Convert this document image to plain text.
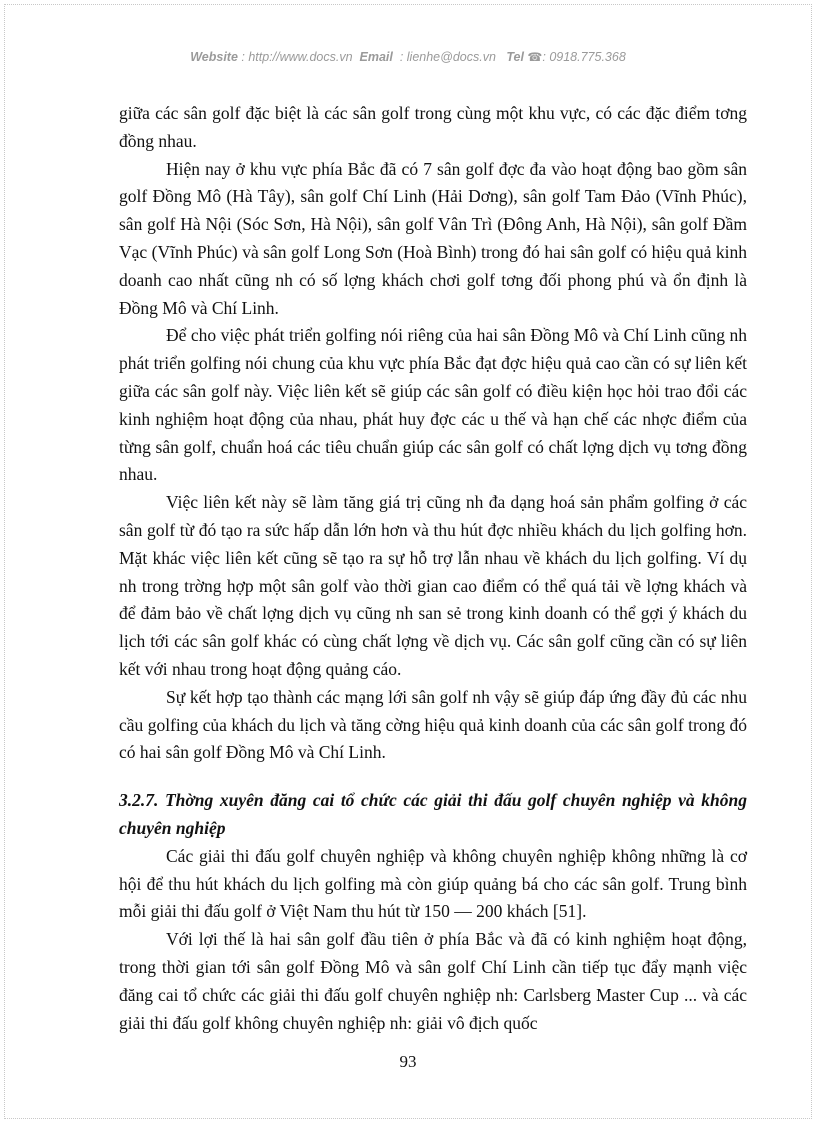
Website : http://www.docs.vn Email : lienhe@docs.vn Tel ☎: 0918.775.368

giữa các sân golf đặc biệt là các sân golf trong cùng một khu vực, có các đặc điểm tơng đồng nhau.

Hiện nay ở khu vực phía Bắc đã có 7 sân golf đợc đa vào hoạt động bao gồm sân golf Đồng Mô (Hà Tây), sân golf Chí Linh (Hải Dơng), sân golf Tam Đảo (Vĩnh Phúc), sân golf Hà Nội (Sóc Sơn, Hà Nội), sân golf Vân Trì (Đông Anh, Hà Nội), sân golf Đầm Vạc (Vĩnh Phúc) và sân golf Long Sơn (Hoà Bình) trong đó hai sân golf có hiệu quả kinh doanh cao nhất cũng nh có số lợng khách chơi golf tơng đối phong phú và ổn định là Đồng Mô và Chí Linh.

Để cho việc phát triển golfing nói riêng của hai sân Đồng Mô và Chí Linh cũng nh phát triển golfing nói chung của khu vực phía Bắc đạt đợc hiệu quả cao cần có sự liên kết giữa các sân golf này. Việc liên kết sẽ giúp các sân golf có điều kiện học hỏi trao đổi các kinh nghiệm hoạt động của nhau, phát huy đợc các u thế và hạn chế các nhợc điểm của từng sân golf, chuẩn hoá các tiêu chuẩn giúp các sân golf có chất lợng dịch vụ tơng đồng nhau.

Việc liên kết này sẽ làm tăng giá trị cũng nh đa dạng hoá sản phẩm golfing ở các sân golf từ đó tạo ra sức hấp dẫn lớn hơn và thu hút đợc nhiều khách du lịch golfing hơn. Mặt khác việc liên kết cũng sẽ tạo ra sự hỗ trợ lẫn nhau về khách du lịch golfing. Ví dụ nh trong trờng hợp một sân golf vào thời gian cao điểm có thể quá tải về lợng khách và để đảm bảo về chất lợng dịch vụ cũng nh san sẻ trong kinh doanh có thể gợi ý khách du lịch tới các sân golf khác có cùng chất lợng về dịch vụ. Các sân golf cũng cần có sự liên kết với nhau trong hoạt động quảng cáo.

Sự kết hợp tạo thành các mạng lới sân golf nh vậy sẽ giúp đáp ứng đầy đủ các nhu cầu golfing của khách du lịch và tăng cờng hiệu quả kinh doanh của các sân golf trong đó có hai sân golf Đồng Mô và Chí Linh.

3.2.7. Thờng xuyên đăng cai tổ chức các giải thi đấu golf chuyên nghiệp và không chuyên nghiệp

Các giải thi đấu golf chuyên nghiệp và không chuyên nghiệp không những là cơ hội để thu hút khách du lịch golfing mà còn giúp quảng bá cho các sân golf. Trung bình mỗi giải thi đấu golf ở Việt Nam thu hút từ 150 — 200 khách [51].

Với lợi thế là hai sân golf đầu tiên ở phía Bắc và đã có kinh nghiệm hoạt động, trong thời gian tới sân golf Đồng Mô và sân golf Chí Linh cần tiếp tục đẩy mạnh việc đăng cai tổ chức các giải thi đấu golf chuyên nghiệp nh: Carlsberg Master Cup ... và các giải thi đấu golf không chuyên nghiệp nh: giải vô địch quốc

93
